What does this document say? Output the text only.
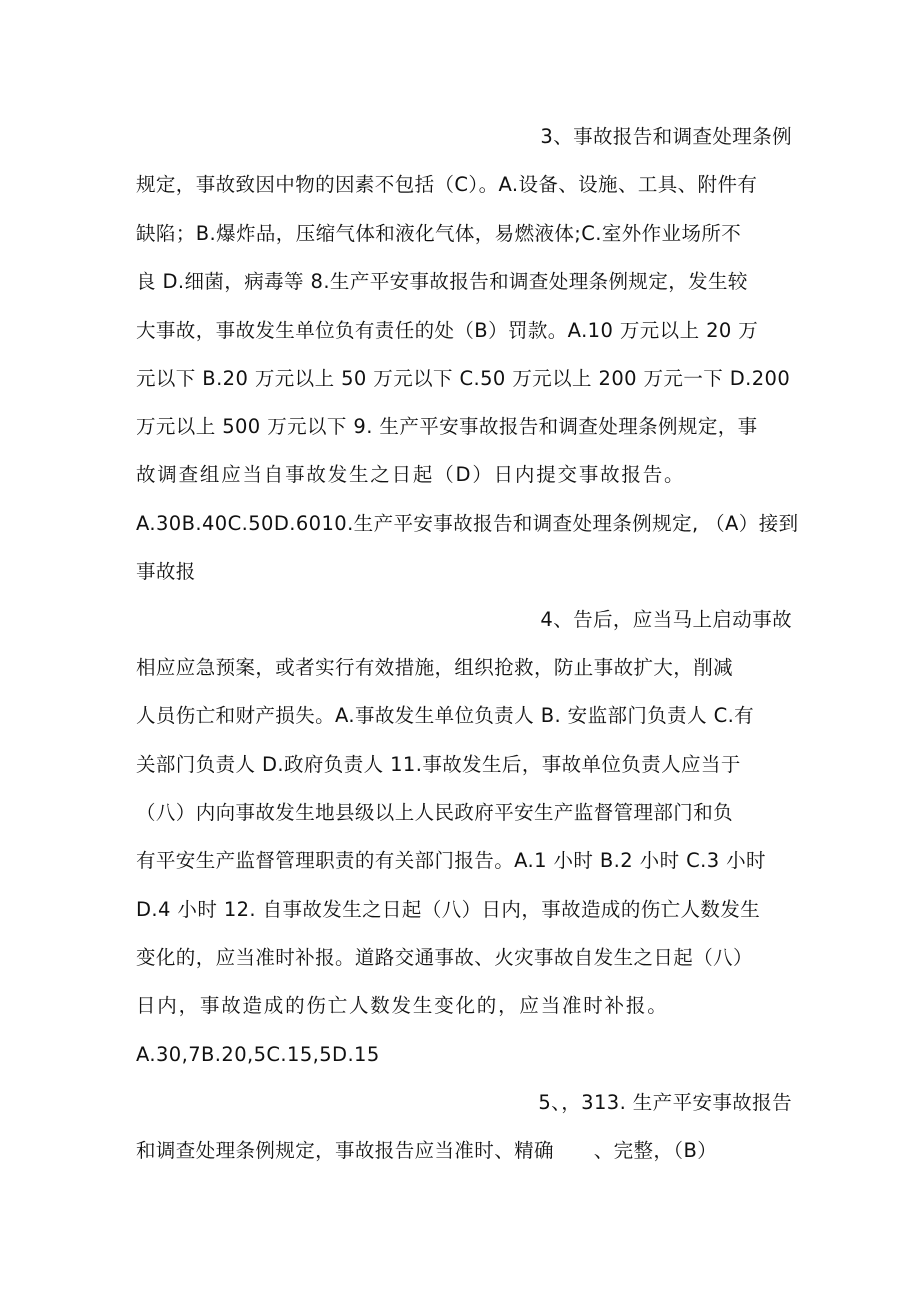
3、事故报告和调查处理条例
规定，事故致因中物的因素不包括（C）。A.设备、设施、工具、附件有
缺陷；B.爆炸品，压缩气体和液化气体，易燃液体;C.室外作业场所不
良 D.细菌，病毒等 8.生产平安事故报告和调查处理条例规定，发生较
大事故，事故发生单位负有责任的处（B）罚款。A.10 万元以上 20 万
元以下 B.20 万元以上 50 万元以下 C.50 万元以上 200 万元一下 D.200
万元以上 500 万元以下 9. 生产平安事故报告和调查处理条例规定，事
故调查组应当自事故发生之日起（D）日内提交事故报告。
A.30B.40C.50D.6010.生产平安事故报告和调查处理条例规定, （A）接到
事故报
4、告后，应当马上启动事故
相应应急预案，或者实行有效措施，组织抢救，防止事故扩大，削减
人员伤亡和财产损失。A.事故发生单位负责人 B. 安监部门负责人 C.有
关部门负责人 D.政府负责人 11.事故发生后，事故单位负责人应当于
（八）内向事故发生地县级以上人民政府平安生产监督管理部门和负
有平安生产监督管理职责的有关部门报告。A.1 小时 B.2 小时 C.3 小时
D.4 小时 12. 自事故发生之日起（八）日内，事故造成的伤亡人数发生
变化的，应当准时补报。道路交通事故、火灾事故自发生之日起（八）
日内，事故造成的伤亡人数发生变化的，应当准时补报。
A.30,7B.20,5C.15,5D.15
5、，313. 生产平安事故报告
和调查处理条例规定，事故报告应当准时、精确　　、完整，（B）
